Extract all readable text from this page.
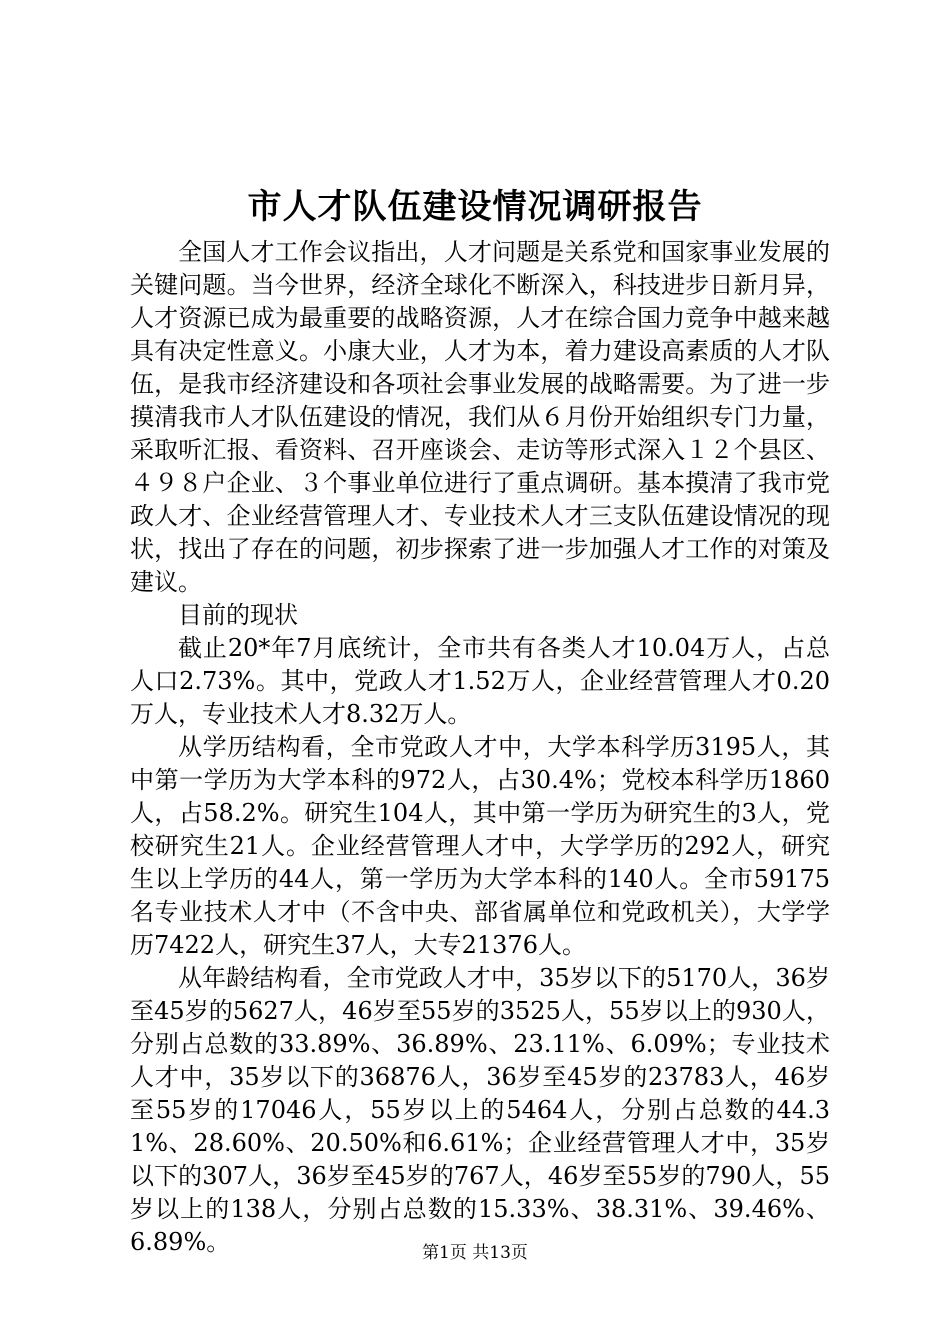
市人才队伍建设情况调研报告

全国人才工作会议指出，人才问题是关系党和国家事业发展的关键问题。当今世界，经济全球化不断深入，科技进步日新月异，人才资源已成为最重要的战略资源，人才在综合国力竞争中越来越具有决定性意义。小康大业，人才为本，着力建设高素质的人才队伍，是我市经济建设和各项社会事业发展的战略需要。为了进一步摸清我市人才队伍建设的情况，我们从６月份开始组织专门力量，采取听汇报、看资料、召开座谈会、走访等形式深入１２个县区、４９８户企业、３个事业单位进行了重点调研。基本摸清了我市党政人才、企业经营管理人才、专业技术人才三支队伍建设情况的现状，找出了存在的问题，初步探索了进一步加强人才工作的对策及建议。

目前的现状

截止20*年7月底统计，全市共有各类人才10.04万人，占总人口2.73%。其中，党政人才1.52万人，企业经营管理人才0.20万人，专业技术人才8.32万人。

从学历结构看，全市党政人才中，大学本科学历3195人，其中第一学历为大学本科的972人，占30.4%；党校本科学历1860人，占58.2%。研究生104人，其中第一学历为研究生的3人，党校研究生21人。企业经营管理人才中，大学学历的292人，研究生以上学历的44人，第一学历为大学本科的140人。全市59175名专业技术人才中（不含中央、部省属单位和党政机关），大学学历7422人，研究生37人，大专21376人。

从年龄结构看，全市党政人才中，35岁以下的5170人，36岁至45岁的5627人，46岁至55岁的3525人，55岁以上的930人，分别占总数的33.89%、36.89%、23.11%、6.09%；专业技术人才中，35岁以下的36876人，36岁至45岁的23783人，46岁至55岁的17046人，55岁以上的5464人，分别占总数的44.31%、28.60%、20.50%和6.61%；企业经营管理人才中，35岁以下的307人，36岁至45岁的767人，46岁至55岁的790人，55岁以上的138人，分别占总数的15.33%、38.31%、39.46%、6.89%。	第1页 共13页
